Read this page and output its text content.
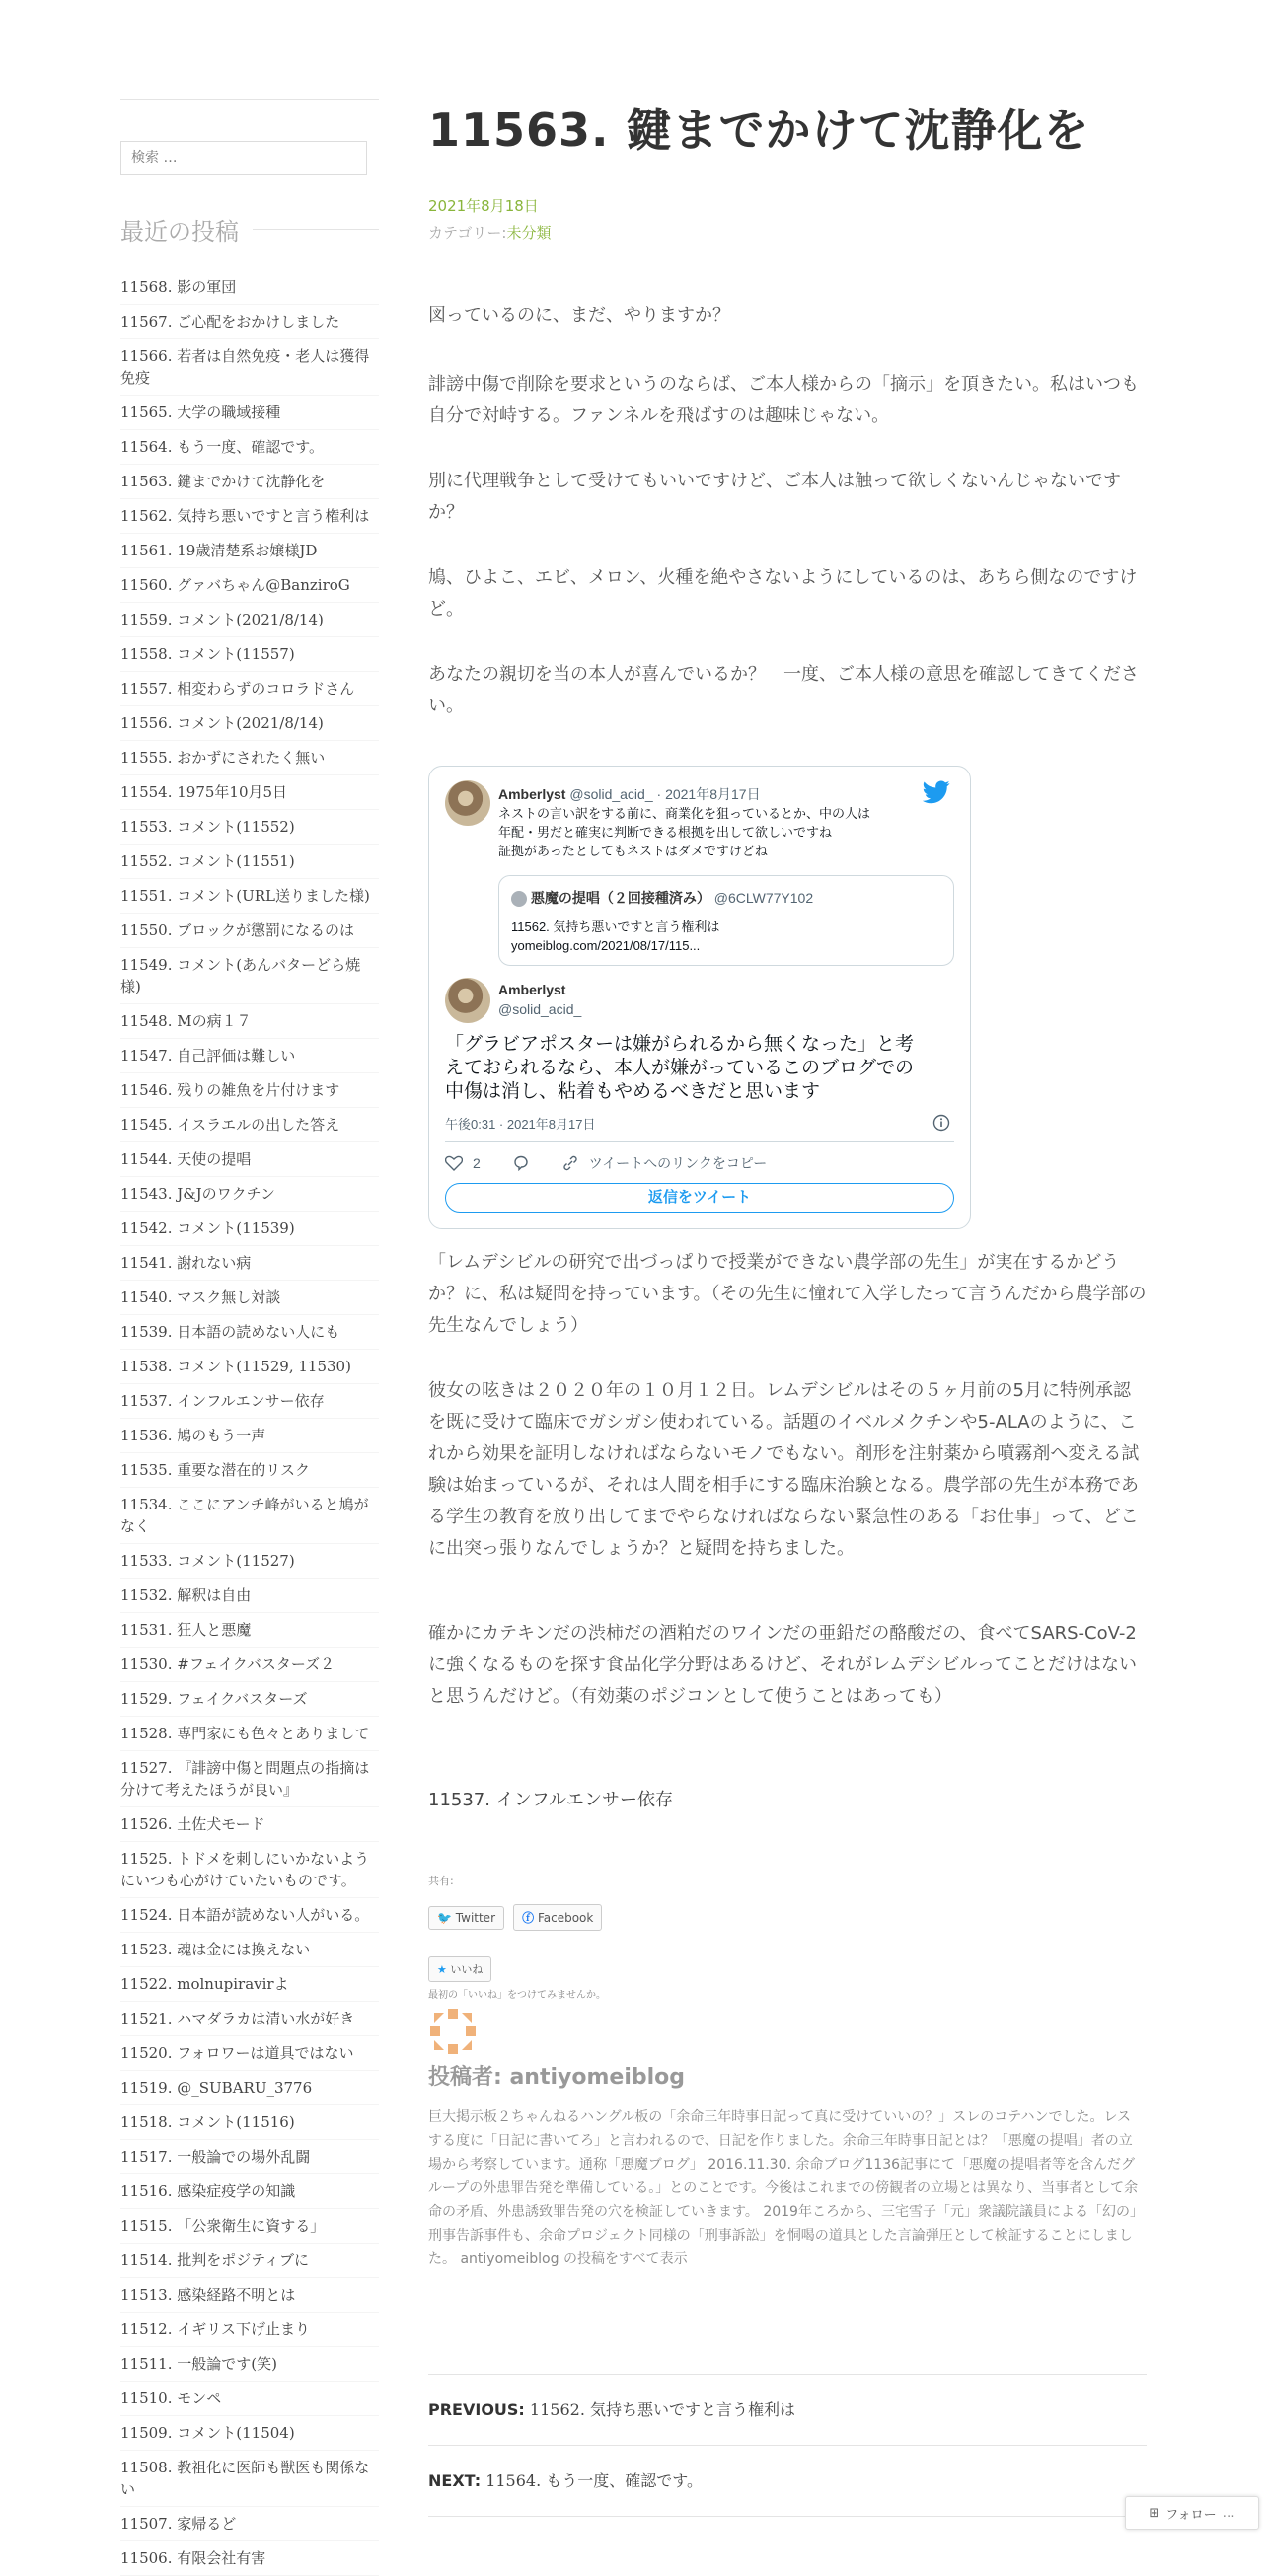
検索 …
最近の投稿
11568. 影の軍団
11567. ご心配をおかけしました
11566. 若者は自然免疫・老人は獲得免疫
11565. 大学の職域接種
11564. もう一度、確認です。
11563. 鍵までかけて沈静化を
11562. 気持ち悪いですと言う権利は
11561. 19歳清楚系お嬢様JD
11560. グァバちゃん@BanziroG
11559. コメント(2021/8/14)
11558. コメント(11557)
11557. 相変わらずのコロラドさん
11556. コメント(2021/8/14)
11555. おかずにされたく無い
11554. 1975年10月5日
11553. コメント(11552)
11552. コメント(11551)
11551. コメント(URL送りました様)
11550. ブロックが懲罰になるのは
11549. コメント(あんバターどら焼様)
11548. Mの病１７
11547. 自己評価は難しい
11546. 残りの雑魚を片付けます
11545. イスラエルの出した答え
11544. 天使の提唱
11543. J&Jのワクチン
11542. コメント(11539)
11541. 謝れない病
11540. マスク無し対談
11539. 日本語の読めない人にも
11538. コメント(11529, 11530)
11537. インフルエンサー依存
11536. 鳩のもう一声
11535. 重要な潜在的リスク
11534. ここにアンチ峰がいると鳩がなく
11533. コメント(11527)
11532. 解釈は自由
11531. 狂人と悪魔
11530. #フェイクバスターズ２
11529. フェイクバスターズ
11528. 専門家にも色々とありまして
11527. 『誹謗中傷と問題点の指摘は分けて考えたほうが良い』
11526. 土佐犬モード
11525. トドメを刺しにいかないようにいつも心がけていたいものです。
11524. 日本語が読めない人がいる。
11523. 魂は金には換えない
11522. molnupiravirよ
11521. ハマダラカは清い水が好き
11520. フォロワーは道具ではない
11519. @_SUBARU_3776
11518. コメント(11516)
11517. 一般論での場外乱闘
11516. 感染症疫学の知識
11515. 「公衆衛生に資する」
11514. 批判をポジティブに
11513. 感染経路不明とは
11512. イギリス下げ止まり
11511. 一般論です(笑)
11510. モンペ
11509. コメント(11504)
11508. 教祖化に医師も獣医も関係ない
11507. 家帰るど
11506. 有限会社有害
11563. 鍵までかけて沈静化を
2021年8月18日
カテゴリー:未分類

図っているのに、まだ、やりますか？

誹謗中傷で削除を要求というのならば、ご本人様からの「摘示」を頂きたい。私はいつも自分で対峙する。ファンネルを飛ばすのは趣味じゃない。

別に代理戦争として受けてもいいですけど、ご本人は触って欲しくないんじゃないですか？

鳩、ひよこ、エビ、メロン、火種を絶やさないようにしているのは、あちら側なのですけど。

あなたの親切を当の本人が喜んでいるか？　一度、ご本人様の意思を確認してきてください。

Amberlyst @solid_acid_ · 2021年8月17日
ネストの言い訳をする前に、商業化を狙っているとか、中の人は
年配・男だと確実に判断できる根拠を出して欲しいですね
証拠があったとしてもネストはダメですけどね
悪魔の提唱（２回接種済み） @6CLW77Y102
11562. 気持ち悪いですと言う権利は
yomeiblog.com/2021/08/17/115...
Amberlyst
@solid_acid_
「グラビアポスターは嫌がられるから無くなった」と考
えておられるなら、本人が嫌がっているこのブログでの
中傷は消し、粘着もやめるべきだと思います
午後0:31 · 2021年8月17日
2	ツイートへのリンクをコピー
返信をツイート

「レムデシビルの研究で出づっぱりで授業ができない農学部の先生」が実在するかどうか？に、私は疑問を持っています。（その先生に憧れて入学したって言うんだから農学部の先生なんでしょう）

彼女の呟きは２０２０年の１０月１２日。レムデシビルはその５ヶ月前の5月に特例承認を既に受けて臨床でガシガシ使われている。話題のイベルメクチンや5-ALAのように、これから効果を証明しなければならないモノでもない。剤形を注射薬から噴霧剤へ変える試験は始まっているが、それは人間を相手にする臨床治験となる。農学部の先生が本務である学生の教育を放り出してまでやらなければならない緊急性のある「お仕事」って、どこに出突っ張りなんでしょうか？と疑問を持ちました。

確かにカテキンだの渋柿だの酒粕だのワインだの亜鉛だの酪酸だの、食べてSARS-CoV-2に強くなるものを探す食品化学分野はあるけど、それがレムデシビルってことだけはないと思うんだけど。（有効薬のポジコンとして使うことはあっても）

11537. インフルエンサー依存
共有:
🐦 Twitter ⓕ Facebook
★ いいね
最初の「いいね」をつけてみませんか。
投稿者: antiyomeiblog
巨大掲示板２ちゃんねるハングル板の「余命三年時事日記って真に受けていいの？」スレのコテハンでした。レスする度に「日記に書いてろ」と言われるので、日記を作りました。余命三年時事日記とは？「悪魔の提唱」者の立場から考察しています。通称「悪魔ブログ」 2016.11.30. 余命ブログ1136記事にて「悪魔の提唱者等を含んだグループの外患罪告発を準備している。」とのことです。今後はこれまでの傍観者の立場とは異なり、当事者として余命の矛盾、外患誘致罪告発の穴を検証していきます。 2019年ころから、三宅雪子「元」衆議院議員による「幻の」刑事告訴事件も、余命プロジェクト同様の「刑事訴訟」を恫喝の道具とした言論弾圧として検証することにしました。 antiyomeiblog の投稿をすべて表示
PREVIOUS: 11562. 気持ち悪いですと言う権利は
NEXT: 11564. もう一度、確認です。
⊞ フォロー …
